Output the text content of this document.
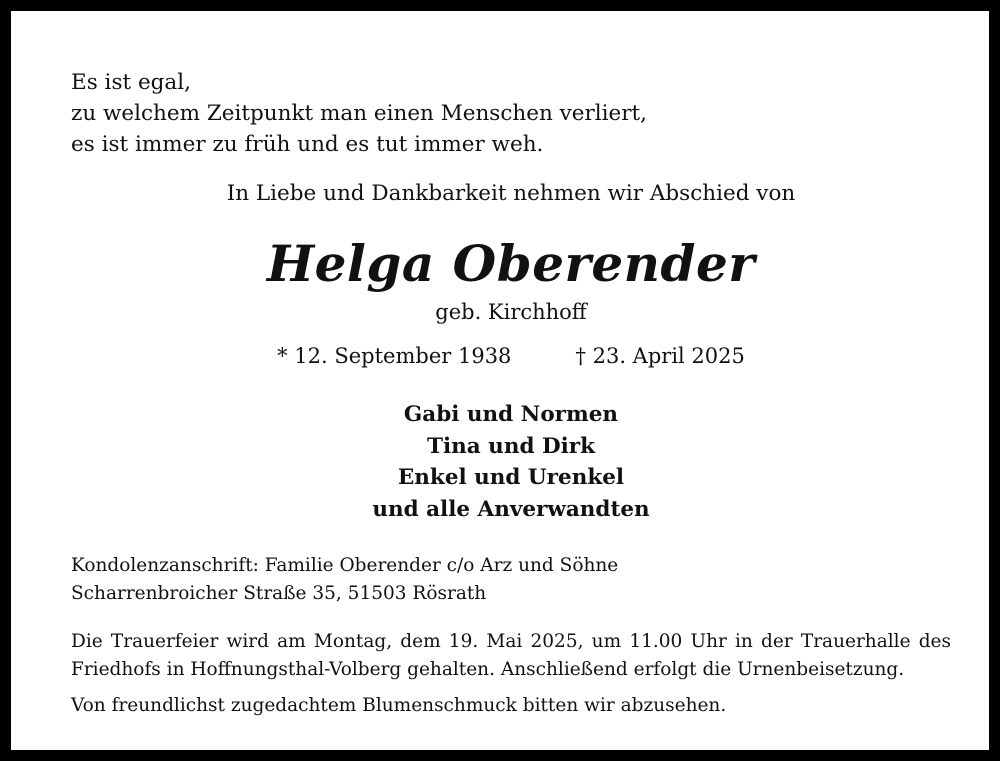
Es ist egal,
zu welchem Zeitpunkt man einen Menschen verliert,
es ist immer zu früh und es tut immer weh.
In Liebe und Dankbarkeit nehmen wir Abschied von
Helga Oberender
geb. Kirchhoff
* 12. September 1938	† 23. April 2025
Gabi und Normen
Tina und Dirk
Enkel und Urenkel
und alle Anverwandten
Kondolenzanschrift: Familie Oberender c/o Arz und Söhne
Scharrenbroicher Straße 35, 51503 Rösrath

Die Trauerfeier wird am Montag, dem 19. Mai 2025, um 11.00 Uhr in der Trauerhalle des Friedhofs in Hoffnungsthal-Volberg gehalten. Anschließend erfolgt die Urnenbeisetzung.

Von freundlichst zugedachtem Blumenschmuck bitten wir abzusehen.
